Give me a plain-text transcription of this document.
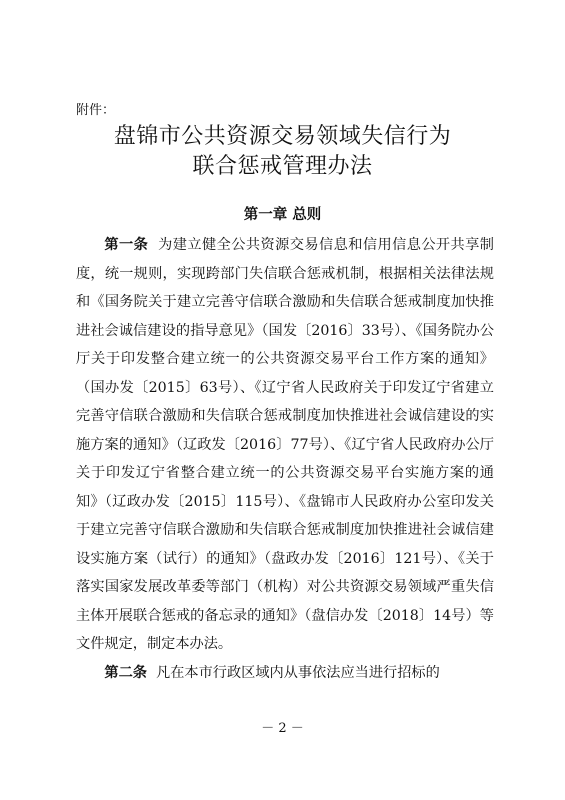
附件：
盘锦市公共资源交易领域失信行为
联合惩戒管理办法
第一章 总则

第一条 为建立健全公共资源交易信息和信用信息公开共享制度，统一规则，实现跨部门失信联合惩戒机制，根据相关法律法规和《国务院关于建立完善守信联合激励和失信联合惩戒制度加快推进社会诚信建设的指导意见》（国发〔2016〕33号）、《国务院办公厅关于印发整合建立统一的公共资源交易平台工作方案的通知》（国办发〔2015〕63号）、《辽宁省人民政府关于印发辽宁省建立完善守信联合激励和失信联合惩戒制度加快推进社会诚信建设的实施方案的通知》（辽政发〔2016〕77号）、《辽宁省人民政府办公厅关于印发辽宁省整合建立统一的公共资源交易平台实施方案的通知》（辽政办发〔2015〕115号）、《盘锦市人民政府办公室印发关于建立完善守信联合激励和失信联合惩戒制度加快推进社会诚信建设实施方案（试行）的通知》（盘政办发〔2016〕121号）、《关于落实国家发展改革委等部门（机构）对公共资源交易领域严重失信主体开展联合惩戒的备忘录的通知》（盘信办发〔2018〕14号）等文件规定，制定本办法。

第二条 凡在本市行政区域内从事依法应当进行招标的

－ 2 －
